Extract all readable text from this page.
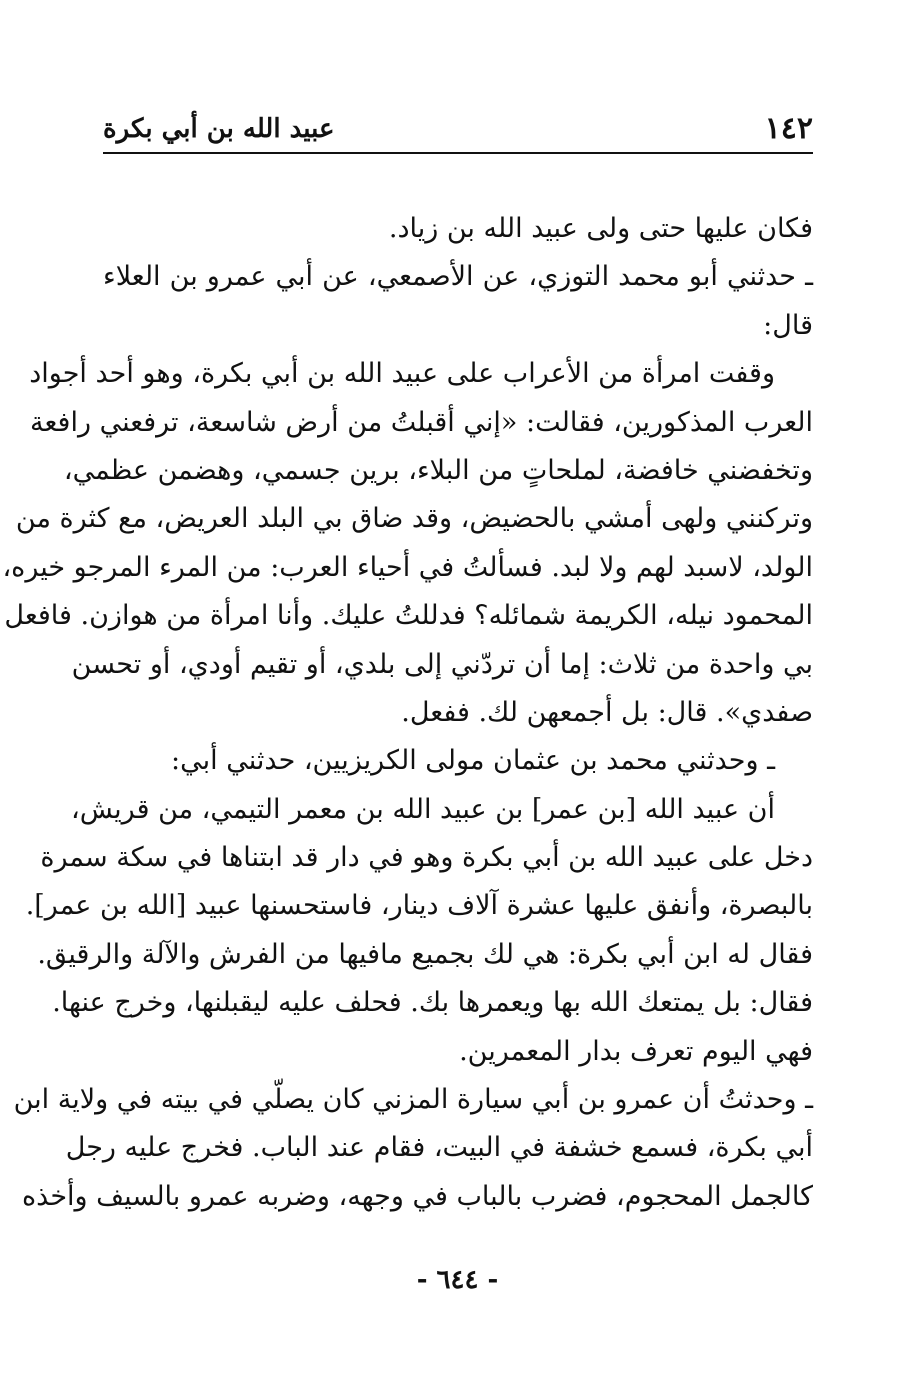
١٤٢
عبيد الله بن أبي بكرة
فكان عليها حتى ولى عبيد الله بن زياد.
ـ حدثني أبو محمد التوزي، عن الأصمعي، عن أبي عمرو بن العلاء
قال:
وقفت امرأة من الأعراب على عبيد الله بن أبي بكرة، وهو أحد أجواد
العرب المذكورين، فقالت: «إني أقبلتُ من أرض شاسعة، ترفعني رافعة
وتخفضني خافضة، لملحاتٍ من البلاء، برين جسمي، وهضمن عظمي،
وتركنني ولهى أمشي بالحضيض، وقد ضاق بي البلد العريض، مع كثرة من
الولد، لاسبد لهم ولا لبد. فسألتُ في أحياء العرب: من المرء المرجو خيره،
المحمود نيله، الكريمة شمائله؟ فدللتُ عليك. وأنا امرأة من هوازن. فافعل
بي واحدة من ثلاث: إما أن تردّني إلى بلدي، أو تقيم أودي، أو تحسن
صفدي». قال: بل أجمعهن لك. ففعل.
ـ وحدثني محمد بن عثمان مولى الكريزيين، حدثني أبي:
أن عبيد الله [بن عمر] بن عبيد الله بن معمر التيمي، من قريش،
دخل على عبيد الله بن أبي بكرة وهو في دار قد ابتناها في سكة سمرة
بالبصرة، وأنفق عليها عشرة آلاف دينار، فاستحسنها عبيد [الله بن عمر].
فقال له ابن أبي بكرة: هي لك بجميع مافيها من الفرش والآلة والرقيق.
فقال: بل يمتعك الله بها ويعمرها بك. فحلف عليه ليقبلنها، وخرج عنها.
فهي اليوم تعرف بدار المعمرين.
ـ وحدثتُ أن عمرو بن أبي سيارة المزني كان يصلّي في بيته في ولاية ابن
أبي بكرة، فسمع خشفة في البيت، فقام عند الباب. فخرج عليه رجل
كالجمل المحجوم، فضرب بالباب في وجهه، وضربه عمرو بالسيف وأخذه
- ٦٤٤ -
